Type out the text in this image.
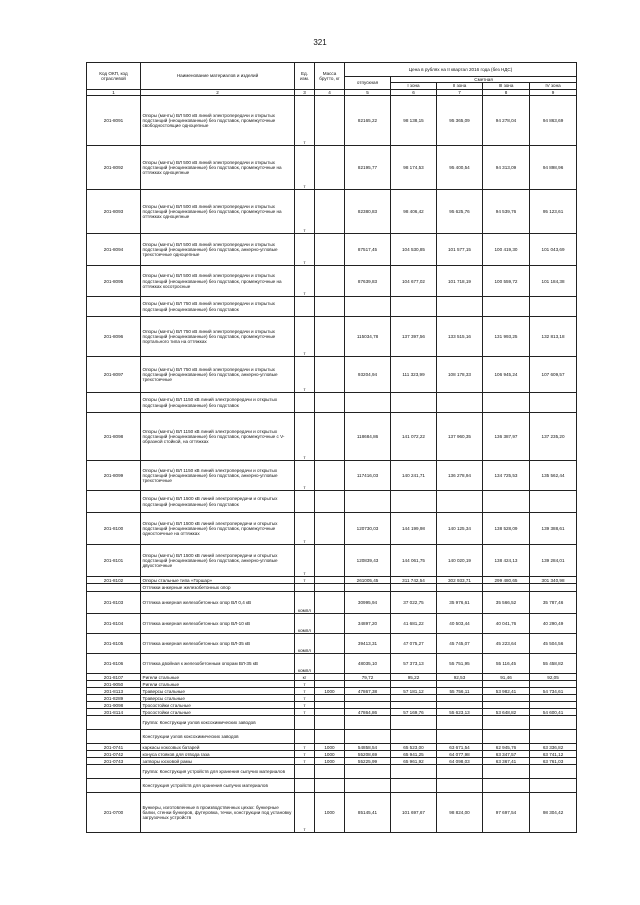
321
Код ОКП, код отраслевой	Наименование материалов и изделий	Ед. изм.	Масса брутто, кг	Цена в рублях на II квартал 2016 года (без НДС)				
				отпускная	Сметная			
					I зона	II зона	III зона	IV зона
1	2	3	4	5	6	7	8	9
201-8091	Опоры (мачты) ВЛ 500 кВ линий электропередачи и открытых подстанций (неоцинкованные) без подставок, промежуточные свободностоящие одноцепные	т		82165,22	98 138,15	95 365,09	94 278,04	94 863,69
201-8092	Опоры (мачты) ВЛ 500 кВ линий электропередачи и открытых подстанций (неоцинкованные) без подставок, промежуточные на оттяжках одноцепные	т		82195,77	98 174,53	95 400,54	94 313,09	94 898,96
201-8093	Опоры (мачты) ВЛ 500 кВ линий электропередачи и открытых подстанций (неоцинкованные) без подставок, промежуточные на оттяжках одноцепные	т		82380,83	98 406,42	95 625,76	94 539,76	95 123,61
201-8094	Опоры (мачты) ВЛ 500 кВ линий электропередачи и открытых подстанций (неоцинкованные) без подставок, анкерно-угловые трехстоечные одноцепные	т		87517,45	104 530,85	101 577,15	100 419,30	101 043,69
201-8095	Опоры (мачты) ВЛ 500 кВ линий электропередачи и открытых подстанций (неоцинкованные) без подставок, промежуточные на оттяжках косотросные	т		87639,83	104 677,02	101 718,19	100 559,72	101 184,38
	Опоры (мачты) ВЛ 750 кВ линий электропередачи и открытых подстанций (неоцинкованные) без подставок							
201-8096	Опоры (мачты) ВЛ 750 кВ линий электропередачи и открытых подстанций (неоцинкованные) без подставок, промежуточные портального типа на оттяжках	т		115034,78	137 397,56	133 515,16	131 993,25	132 813,18
201-8097	Опоры (мачты) ВЛ 750 кВ линий электропередачи и открытых подстанций (неоцинкованные) без подставок, анкерно-угловые трехстоечные	т		93204,94	111 323,99	108 178,33	106 945,24	107 609,57
	Опоры (мачты) ВЛ 1150 кВ линий электропередачи и открытых подстанций (неоцинкованные) без подставок							
201-8098	Опоры (мачты) ВЛ 1150 кВ линий электропередачи и открытых подстанций (неоцинкованные) без подставок, промежуточные с V-образной стойкой, на оттяжках	т		118684,86	141 072,22	137 960,35	136 387,97	137 235,20
201-8099	Опоры (мачты) ВЛ 1150 кВ линий электропередачи и открытых подстанций (неоцинкованные) без подставок, анкерно-угловые трехстоечные	т		117416,03	140 241,71	136 278,94	134 725,53	135 562,44
	Опоры (мачты) ВЛ 1500 кВ линий электропередачи и открытых подстанций (неоцинкованные) без подставок							
201-8100	Опоры (мачты) ВЛ 1500 кВ линий электропередачи и открытых подстанций (неоцинкованные) без подставок, промежуточные одностоечные на оттяжках	т		120730,03	144 199,98	140 125,34	138 528,09	139 388,61
201-8101	Опоры (мачты) ВЛ 1500 кВ линий электропередачи и открытых подстанций (неоцинкованные) без подставок, анкерно-угловые двухстоечные	т		120839,43	144 061,75	140 020,19	138 424,13	139 284,01
201-8102	Опоры стальные типа «Горшар»	т		261005,45	311 742,54	302 933,71	299 480,65	301 340,98
	Оттяжки анкерные железобетонных опор							
201-8103	Оттяжка анкерная железобетонных опор ВЛ 0,4 кВ	компл		30995,94	37 022,75	35 976,61	35 566,52	35 787,46
201-8104	Оттяжка анкерная железобетонных опор ВЛ-10 кВ	компл		34897,20	41 681,22	40 503,44	40 041,76	40 290,49
201-8105	Оттяжка анкерная железобетонных опор ВЛ-35 кВ	компл		39413,31	47 075,27	45 745,07	45 223,64	45 504,56
201-8106	Оттяжка двойная к железобетонным опорам ВЛ-35 кВ	компл		48035,10	57 373,13	55 751,95	55 116,45	55 458,82
201-8107	Ригели стальные	кг		79,72	95,22	92,53	91,46	92,05
201-9050	Ригели стальные	т						
201-8113	Траверсы стальные	т	1000	47867,38	57 181,12	55 756,11	53 982,41	54 734,61
201-8289	Траверсы стальные	т						
201-9098	Тросостойки стальные	т						
201-8114	Тросостойки стальные	т		47864,86	57 169,76	55 623,13	53 648,82	54 600,41
	Группа: Конструкции узлов коксохимических заводов							
	Конструкции узлов коксохимических заводов							
201-0741	каркасы коксовых батарей	т	1000	54858,54	65 523,00	63 671,54	62 945,76	63 336,82
201-0742	конуса стояков для отвода газа	т	1000	55208,69	65 941,25	64 077,98	63 347,57	63 741,12
201-0743	затворы юсковой рамы	т	1000	55225,99	65 961,92	64 098,03	63 367,41	63 761,03
	Группа: Конструкция устройств для хранения сыпучих материалов							
	Конструкция устройств для хранения сыпучих материалов							
201-0700	Бункеры, изготовленные в производственных цехах: бункерные балки, стенки бункеров, футеровка, течки, конструкции под установку загрузочных устройств	т	1000	85145,41	101 697,67	98 824,00	97 697,54	98 304,42
